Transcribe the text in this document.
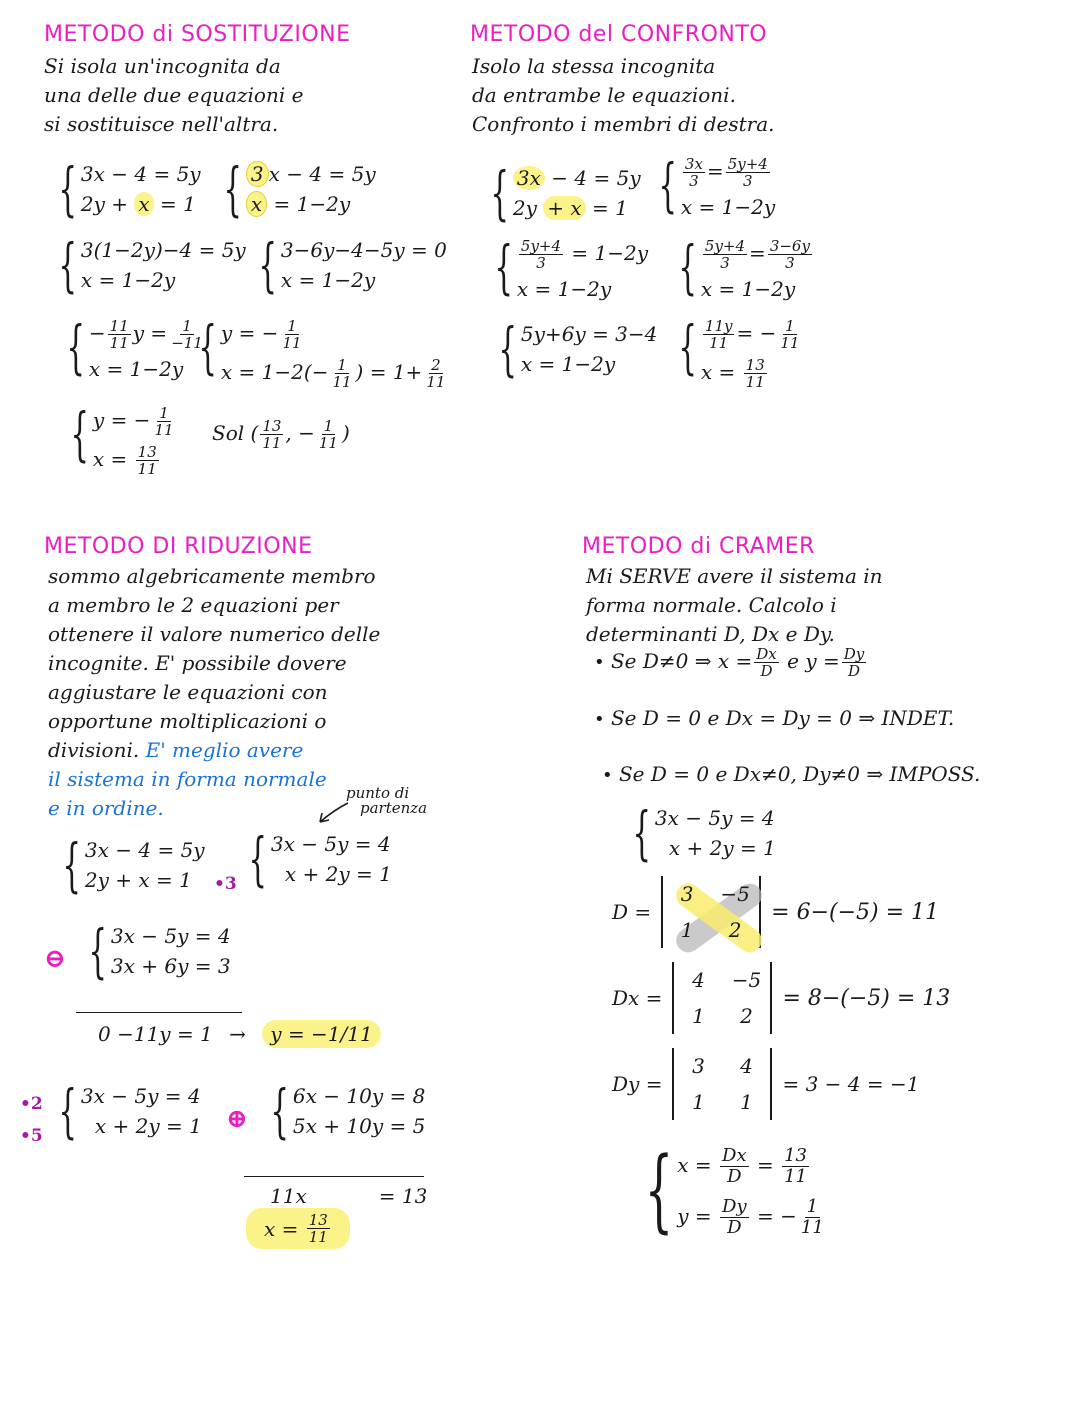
METODO di SOSTITUZIONE
Si isola un'incognita da
una delle due equazioni e
si sostituisce nell'altra.
{ 3x − 4 = 5y
2y + x = 1 { 3 x − 4 = 5y
x = 1−2y
{ 3(1−2y)−4 = 5y
x = 1−2y	{ 3−6y−4−5y = 0
x = 1−2y
{ − $\frac{11}{11}$ $y = \frac{1}{-11}$
x = 1−2y { y = − $\frac{1}{11}$
$x = 1-2(- \frac{1}{11}$ ) = $1+ \frac{2}{11}$
{ y = − $\frac{1}{11}$
$x = \frac{13}{11}$
Sol ( $\frac{13}{11}$ , − $\frac{1}{11}$ )
METODO del CONFRONTO
Isolo la stessa incognita
da entrambe le equazioni.
Confronto i membri di destra.
{ 3x − 4 = 5y
2y + x = 1 { $\frac{3x}{3} = \frac{5y+4}{3}$
x = 1−2y
{ $\frac{5y+4}{3} = 1-2y$
x = 1−2y	{ $\frac{5y+4}{3} = \frac{3-6y}{3}$
x = 1−2y
{ 5y+6y = 3−4
x = 1−2y	{ $\frac{11y}{11}$ = − $\frac{1}{11}$
$x = \frac{13}{11}$
METODO DI RIDUZIONE
sommo algebricamente membro
a membro le 2 equazioni per
ottenere il valore numerico delle
incognite. E' possibile dovere
aggiustare le equazioni con
opportune moltiplicazioni o
divisioni. E' meglio avere
il sistema in forma normale
e in ordine.
punto di
partenza
{ 3x − 4 = 5y
2y + x = 1	•3 { 3x − 5y = 4
x + 2y = 1
⊖ { 3x − 5y = 4
3x + 6y = 3
0 −11y = 1 → y = −1/11
•2
•5 { 3x − 5y = 4
x + 2y = 1 ⊕ { 6x − 10y = 8
5x + 10y = 5
11x	= 13
x =
$\frac{13}{11}$
METODO di CRAMER
Mi SERVE avere il sistema in
forma normale. Calcolo i
determinanti D, Dx e Dy.
• Se D≠0 ⇒ $x = \frac{Dx}{D}$ e $y = \frac{Dy}{D}$
• Se D = 0 e Dx = Dy = 0 ⇒ INDET.
• Se D = 0 e Dx≠0, Dy≠0 ⇒ IMPOSS.
{ 3x − 5y = 4
x + 2y = 1
D =
3 −5
1 2
= 6−(−5) = 11
Dx =
4 −5
1 2
= 8−(−5) = 13
Dy =
3 4
1 1
= 3 − 4 = −1
{ $x = \frac{Dx}{D} = \frac{13}{11}$
$y = \frac{Dy}{D}$ = − $\frac{1}{11}$
